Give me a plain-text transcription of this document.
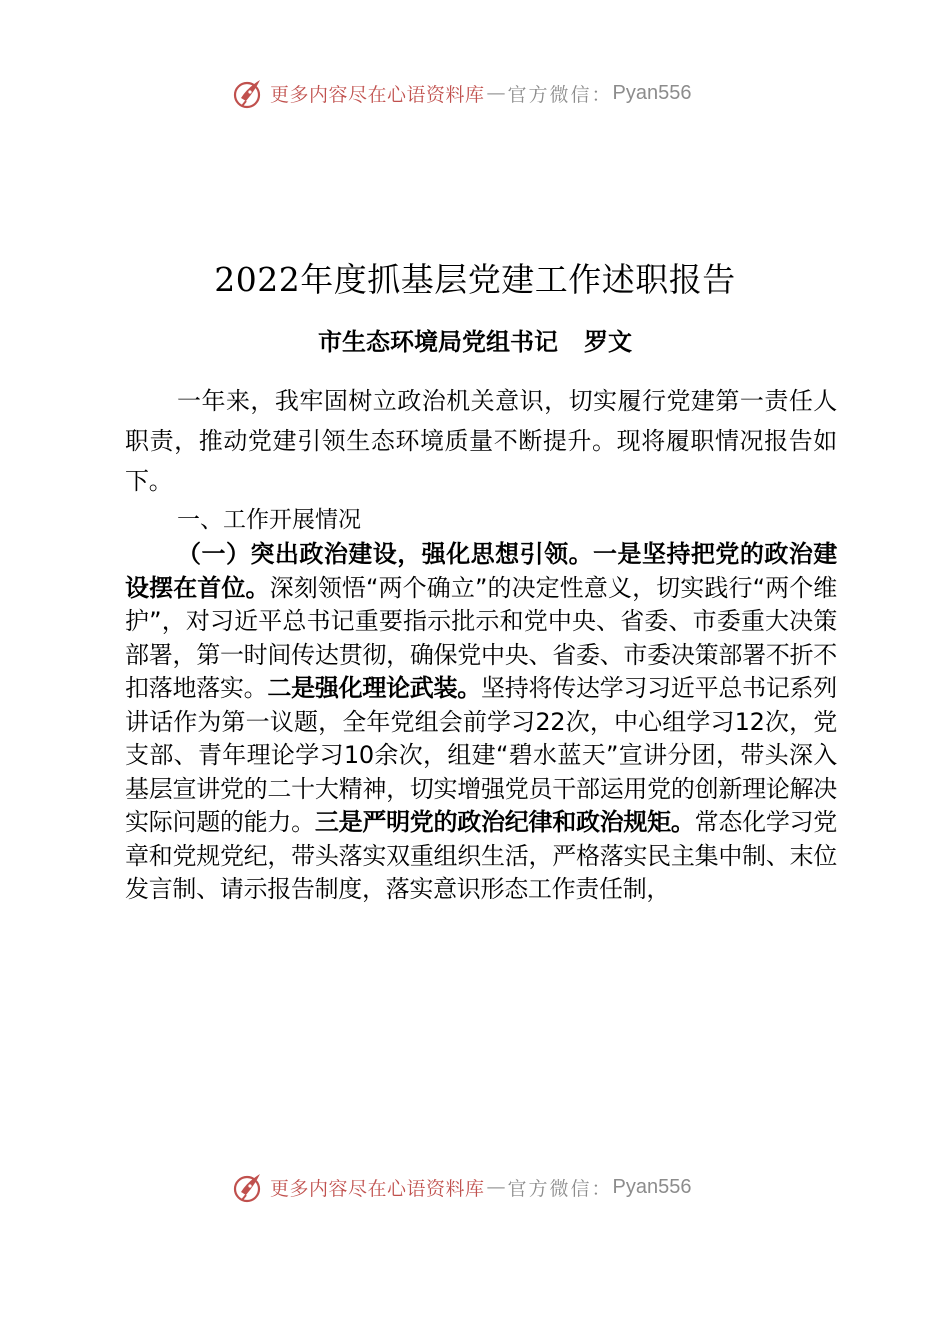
更多内容尽在心语资料库 — 官方微信： Pyan556
2022年度抓基层党建工作述职报告
市生态环境局党组书记 罗文

一年来，我牢固树立政治机关意识，切实履行党建第一责任人职责，推动党建引领生态环境质量不断提升。现将履职情况报告如下。

一、工作开展情况

（一）突出政治建设，强化思想引领。一是坚持把党的政治建设摆在首位。深刻领悟“两个确立”的决定性意义，切实践行“两个维护”，对习近平总书记重要指示批示和党中央、省委、市委重大决策部署，第一时间传达贯彻，确保党中央、省委、市委决策部署不折不扣落地落实。二是强化理论武装。坚持将传达学习习近平总书记系列讲话作为第一议题，全年党组会前学习22次，中心组学习12次，党支部、青年理论学习10余次，组建“碧水蓝天”宣讲分团，带头深入基层宣讲党的二十大精神，切实增强党员干部运用党的创新理论解决实际问题的能力。三是严明党的政治纪律和政治规矩。常态化学习党章和党规党纪，带头落实双重组织生活，严格落实民主集中制、末位发言制、请示报告制度，落实意识形态工作责任制，

更多内容尽在心语资料库 — 官方微信： Pyan556
